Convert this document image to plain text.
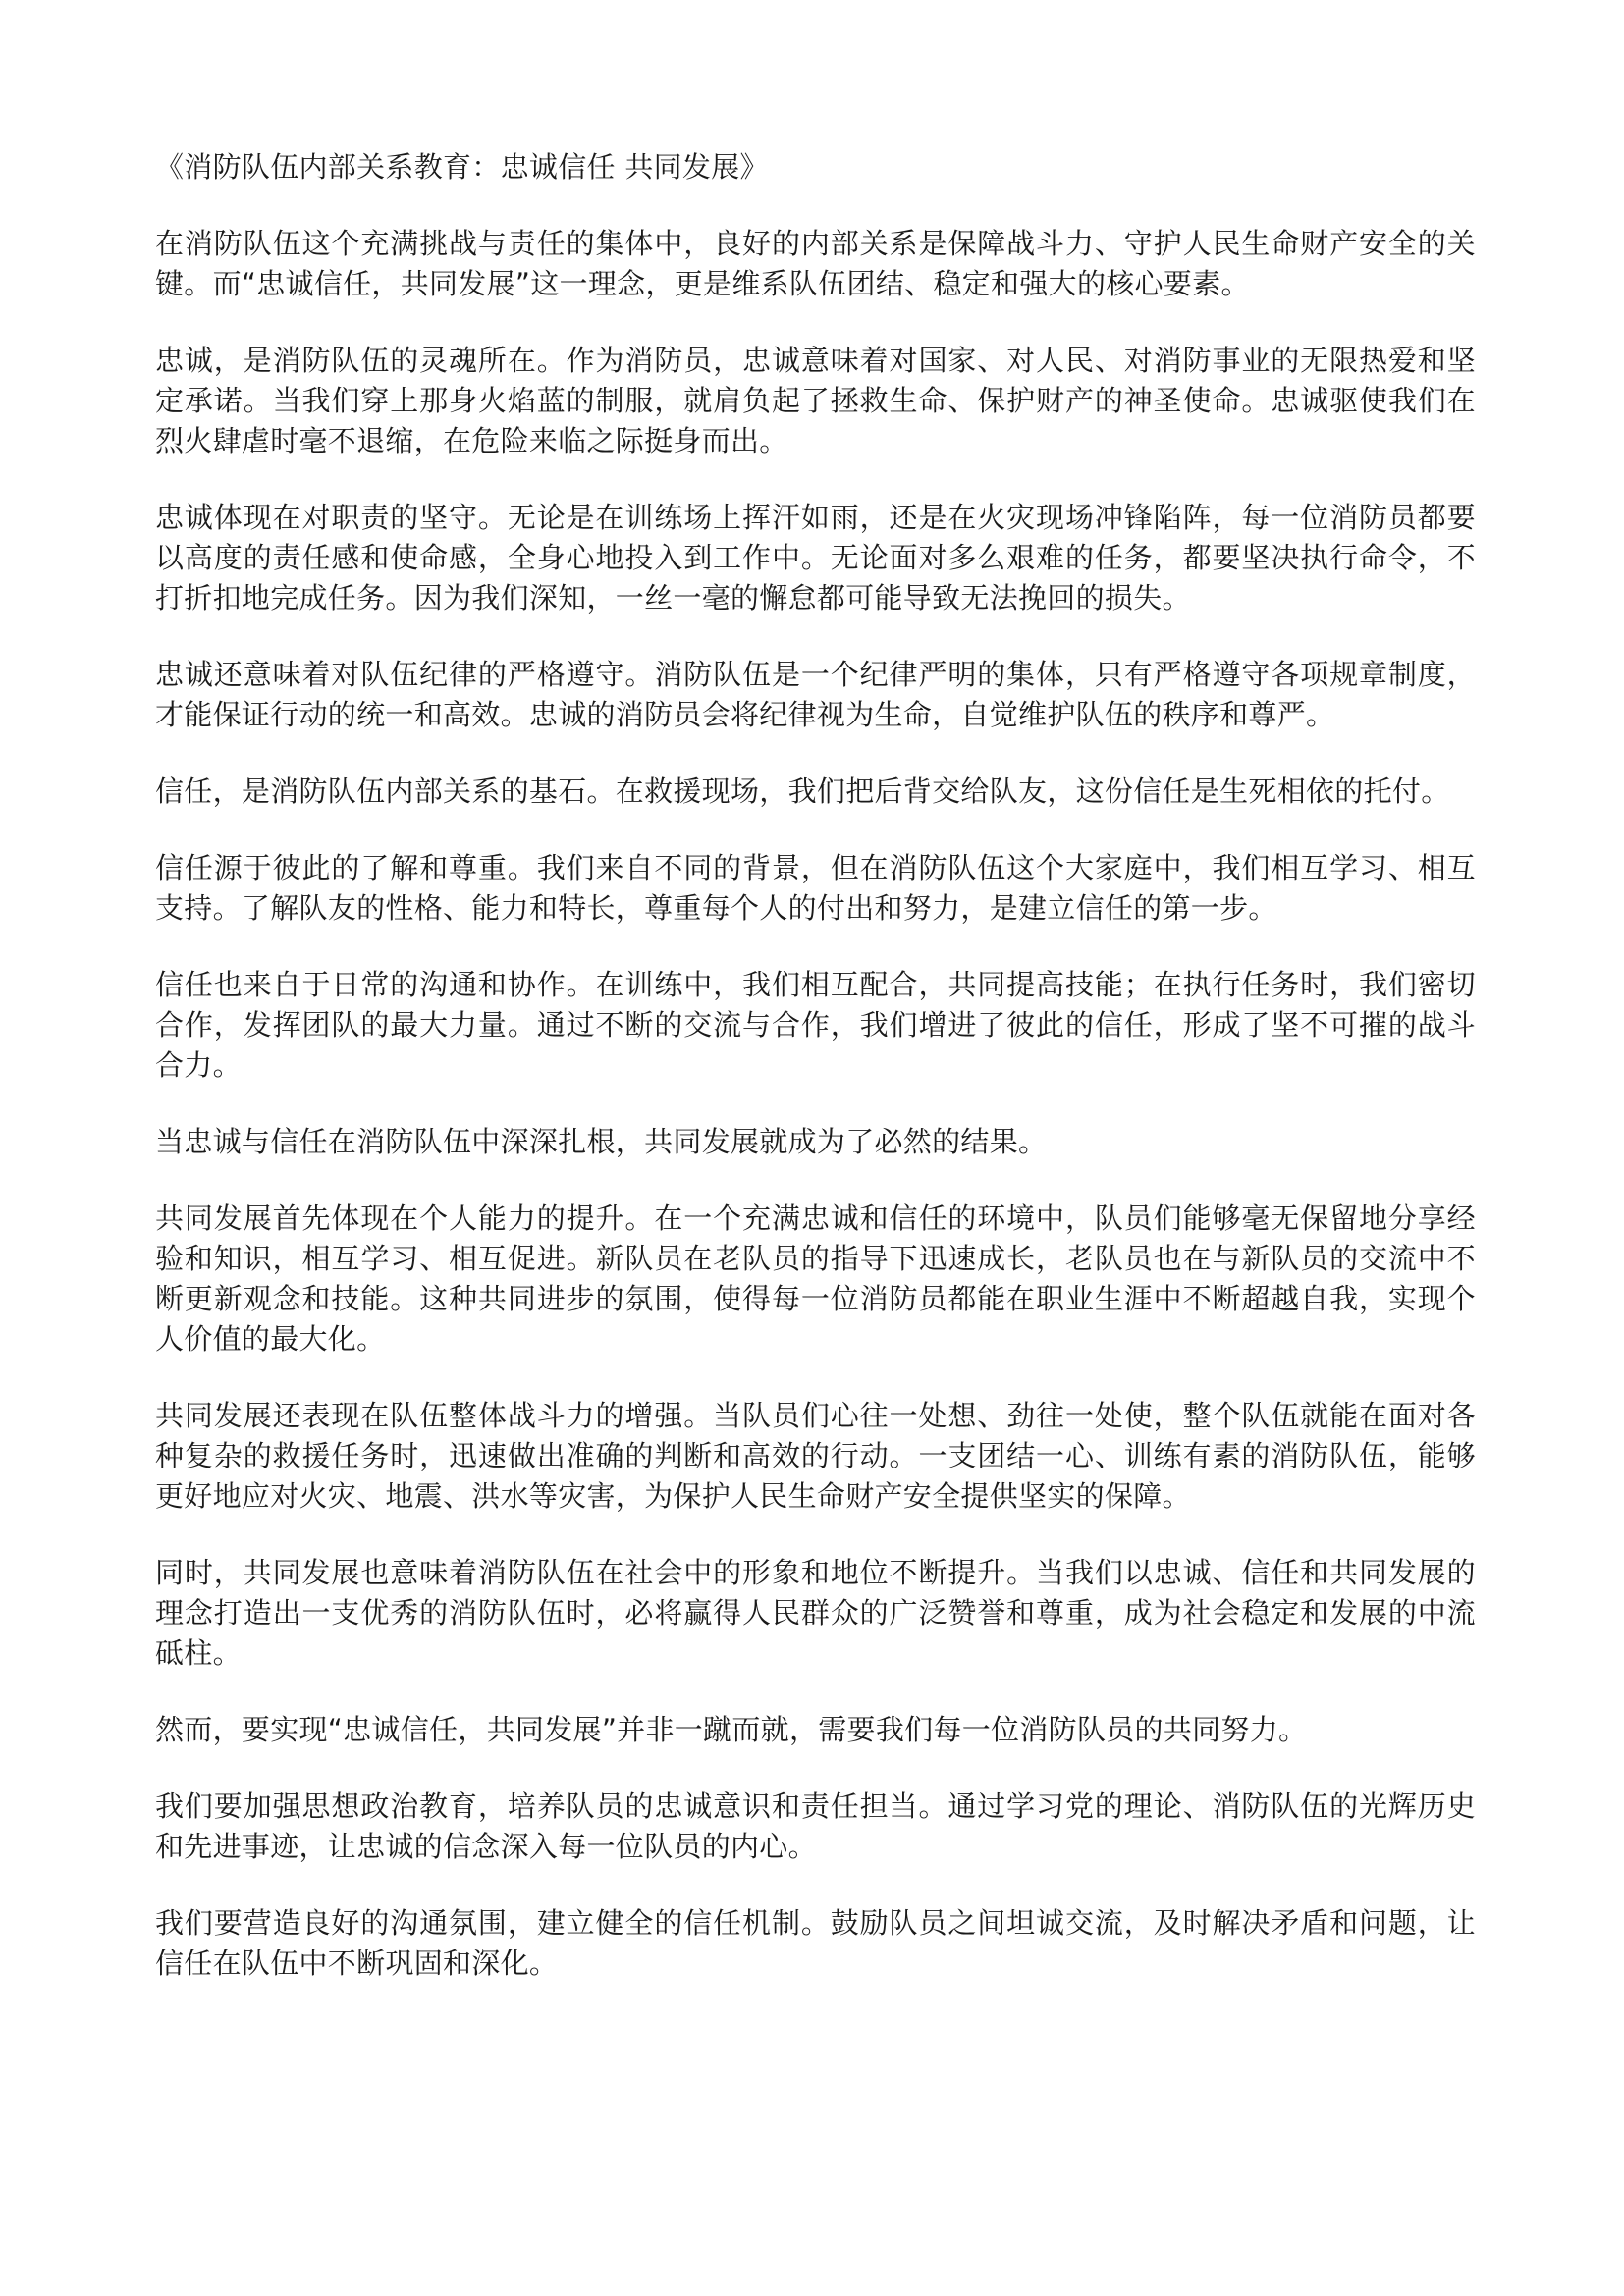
《消防队伍内部关系教育：忠诚信任 共同发展》

在消防队伍这个充满挑战与责任的集体中，良好的内部关系是保障战斗力、守护人民生命财产安全的关键。而“忠诚信任，共同发展”这一理念，更是维系队伍团结、稳定和强大的核心要素。

忠诚，是消防队伍的灵魂所在。作为消防员，忠诚意味着对国家、对人民、对消防事业的无限热爱和坚定承诺。当我们穿上那身火焰蓝的制服，就肩负起了拯救生命、保护财产的神圣使命。忠诚驱使我们在烈火肆虐时毫不退缩，在危险来临之际挺身而出。

忠诚体现在对职责的坚守。无论是在训练场上挥汗如雨，还是在火灾现场冲锋陷阵，每一位消防员都要以高度的责任感和使命感，全身心地投入到工作中。无论面对多么艰难的任务，都要坚决执行命令，不打折扣地完成任务。因为我们深知，一丝一毫的懈怠都可能导致无法挽回的损失。

忠诚还意味着对队伍纪律的严格遵守。消防队伍是一个纪律严明的集体，只有严格遵守各项规章制度，才能保证行动的统一和高效。忠诚的消防员会将纪律视为生命，自觉维护队伍的秩序和尊严。

信任，是消防队伍内部关系的基石。在救援现场，我们把后背交给队友，这份信任是生死相依的托付。

信任源于彼此的了解和尊重。我们来自不同的背景，但在消防队伍这个大家庭中，我们相互学习、相互支持。了解队友的性格、能力和特长，尊重每个人的付出和努力，是建立信任的第一步。

信任也来自于日常的沟通和协作。在训练中，我们相互配合，共同提高技能；在执行任务时，我们密切合作，发挥团队的最大力量。通过不断的交流与合作，我们增进了彼此的信任，形成了坚不可摧的战斗合力。

当忠诚与信任在消防队伍中深深扎根，共同发展就成为了必然的结果。

共同发展首先体现在个人能力的提升。在一个充满忠诚和信任的环境中，队员们能够毫无保留地分享经验和知识，相互学习、相互促进。新队员在老队员的指导下迅速成长，老队员也在与新队员的交流中不断更新观念和技能。这种共同进步的氛围，使得每一位消防员都能在职业生涯中不断超越自我，实现个人价值的最大化。

共同发展还表现在队伍整体战斗力的增强。当队员们心往一处想、劲往一处使，整个队伍就能在面对各种复杂的救援任务时，迅速做出准确的判断和高效的行动。一支团结一心、训练有素的消防队伍，能够更好地应对火灾、地震、洪水等灾害，为保护人民生命财产安全提供坚实的保障。

同时，共同发展也意味着消防队伍在社会中的形象和地位不断提升。当我们以忠诚、信任和共同发展的理念打造出一支优秀的消防队伍时，必将赢得人民群众的广泛赞誉和尊重，成为社会稳定和发展的中流砥柱。

然而，要实现“忠诚信任，共同发展”并非一蹴而就，需要我们每一位消防队员的共同努力。

我们要加强思想政治教育，培养队员的忠诚意识和责任担当。通过学习党的理论、消防队伍的光辉历史和先进事迹，让忠诚的信念深入每一位队员的内心。

我们要营造良好的沟通氛围，建立健全的信任机制。鼓励队员之间坦诚交流，及时解决矛盾和问题，让信任在队伍中不断巩固和深化。
